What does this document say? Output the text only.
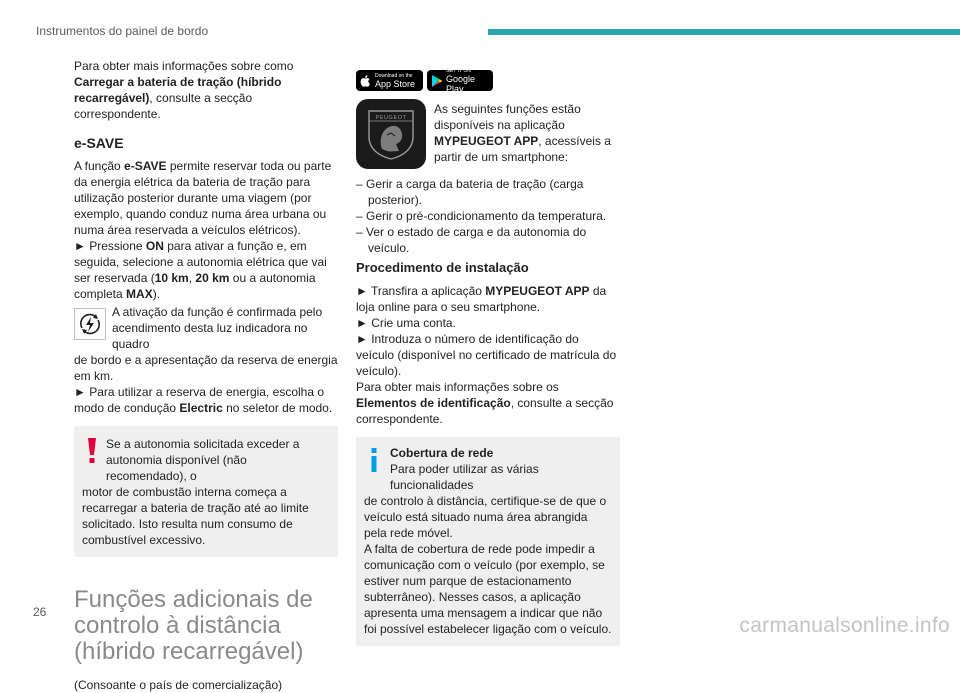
Instrumentos do painel de bordo

Para obter mais informações sobre como Carregar a bateria de tração (híbrido recarregável), consulte a secção correspondente.

e-SAVE

A função e-SAVE permite reservar toda ou parte da energia elétrica da bateria de tração para utilização posterior durante uma viagem (por exemplo, quando conduz numa área urbana ou numa área reservada a veículos elétricos).

► Pressione ON para ativar a função e, em seguida, selecione a autonomia elétrica que vai ser reservada (10 km, 20 km ou a autonomia completa MAX).

A ativação da função é confirmada pelo

acendimento desta luz indicadora no quadro

de bordo e a apresentação da reserva de energia em km.

► Para utilizar a reserva de energia, escolha o modo de condução Electric no seletor de modo.

Se a autonomia solicitada exceder a

autonomia disponível (não recomendado), o

motor de combustão interna começa a recarregar a bateria de tração até ao limite solicitado. Isto resulta num consumo de combustível excessivo.

Funções adicionais de controlo à distância (híbrido recarregável)

(Consoante o país de comercialização)

Download on the
App Store
GET IT ON
Google Play
PEUGEOT

As seguintes funções estão disponíveis na aplicação MYPEUGEOT APP, acessíveis a partir de um smartphone:

– Gerir a carga da bateria de tração (carga posterior).

– Gerir o pré-condicionamento da temperatura.

– Ver o estado de carga e da autonomia do veículo.

Procedimento de instalação

► Transfira a aplicação MYPEUGEOT APP da loja online para o seu smartphone.

► Crie uma conta.

► Introduza o número de identificação do veículo (disponível no certificado de matrícula do veículo).

Para obter mais informações sobre os Elementos de identificação, consulte a secção correspondente.

Cobertura de rede

Para poder utilizar as várias funcionalidades

de controlo à distância, certifique-se de que o veículo está situado numa área abrangida pela rede móvel.

A falta de cobertura de rede pode impedir a comunicação com o veículo (por exemplo, se estiver num parque de estacionamento subterrâneo). Nesses casos, a aplicação apresenta uma mensagem a indicar que não foi possível estabelecer ligação com o veículo.

26
carmanualsonline.info
